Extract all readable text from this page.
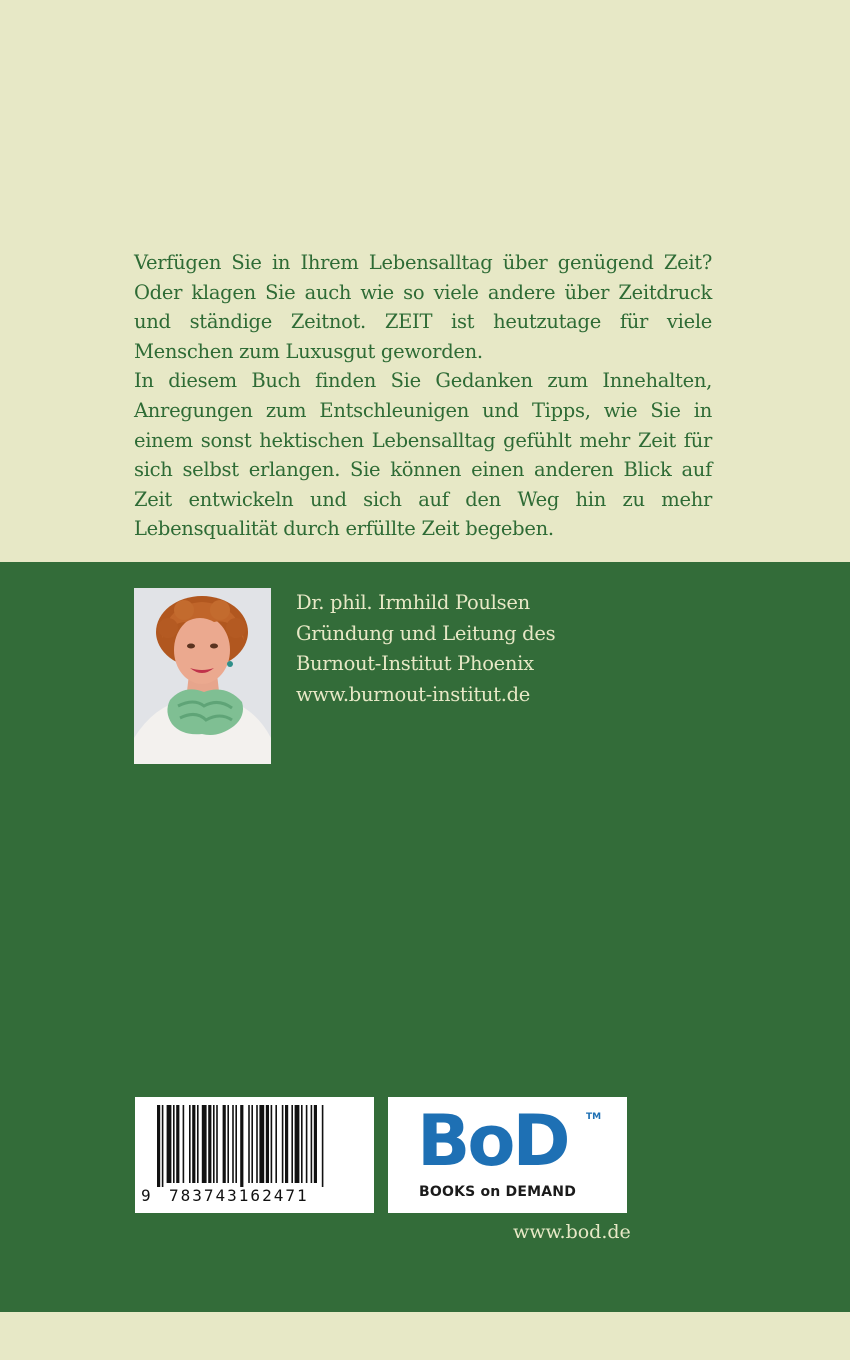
Verfügen Sie in Ihrem Lebensalltag über genügend Zeit? Oder klagen Sie auch wie so viele andere über Zeitdruck und ständige Zeitnot. ZEIT ist heutzutage für viele Menschen zum Luxusgut geworden.

In diesem Buch finden Sie Gedanken zum Innehalten, Anregungen zum Entschleunigen und Tipps, wie Sie in einem sonst hektischen Lebensalltag gefühlt mehr Zeit für sich selbst erlangen. Sie können einen anderen Blick auf Zeit entwickeln und sich auf den Weg hin zu mehr Lebensqualität durch erfüllte Zeit begeben.

Dr. phil. Irmhild Poulsen
Gründung und Leitung des
Burnout-Institut Phoenix
www.burnout-institut.de
9 783743162471
BoD TM
BOOKS on DEMAND
www.bod.de
